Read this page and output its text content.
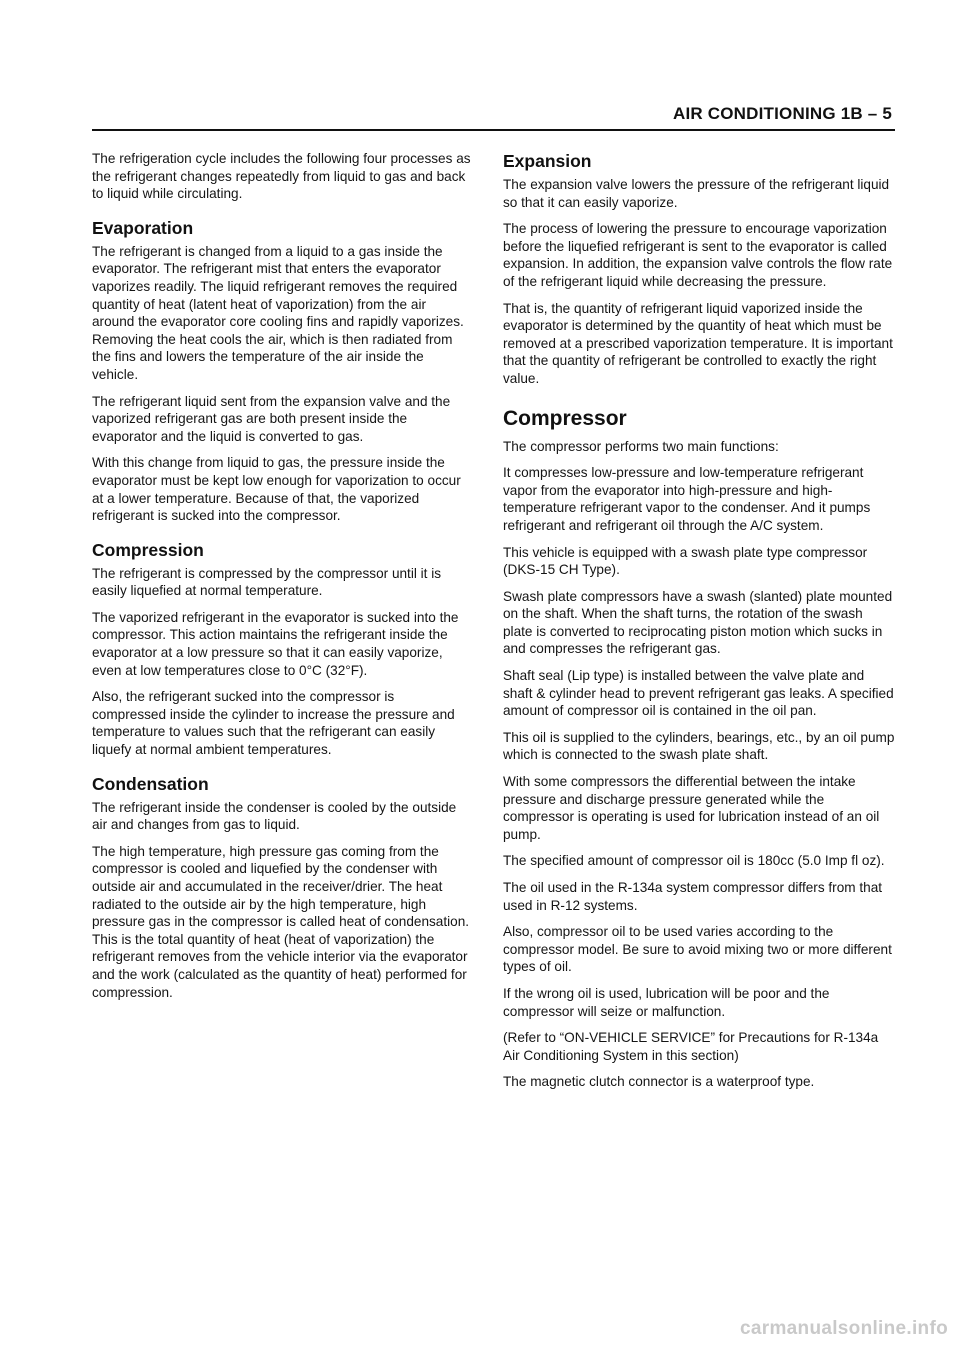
AIR CONDITIONING 1B – 5

The refrigeration cycle includes the following four processes as the refrigerant changes repeatedly from liquid to gas and back to liquid while circulating.

Evaporation

The refrigerant is changed from a liquid to a gas inside the evaporator. The refrigerant mist that enters the evaporator vaporizes readily. The liquid refrigerant removes the required quantity of heat (latent heat of vaporization) from the air around the evaporator core cooling fins and rapidly vaporizes. Removing the heat cools the air, which is then radiated from the fins and lowers the temperature of the air inside the vehicle.

The refrigerant liquid sent from the expansion valve and the vaporized refrigerant gas are both present inside the evaporator and the liquid is converted to gas.

With this change from liquid to gas, the pressure inside the evaporator must be kept low enough for vaporization to occur at a lower temperature. Because of that, the vaporized refrigerant is sucked into the compressor.

Compression

The refrigerant is compressed by the compressor until it is easily liquefied at normal temperature.

The vaporized refrigerant in the evaporator is sucked into the compressor. This action maintains the refrigerant inside the evaporator at a low pressure so that it can easily vaporize, even at low temperatures close to 0°C (32°F).

Also, the refrigerant sucked into the compressor is compressed inside the cylinder to increase the pressure and temperature to values such that the refrigerant can easily liquefy at normal ambient temperatures.

Condensation

The refrigerant inside the condenser is cooled by the outside air and changes from gas to liquid.

The high temperature, high pressure gas coming from the compressor is cooled and liquefied by the condenser with outside air and accumulated in the receiver/drier. The heat radiated to the outside air by the high temperature, high pressure gas in the compressor is called heat of condensation. This is the total quantity of heat (heat of vaporization) the refrigerant removes from the vehicle interior via the evaporator and the work (calculated as the quantity of heat) performed for compression.

Expansion

The expansion valve lowers the pressure of the refrigerant liquid so that it can easily vaporize.

The process of lowering the pressure to encourage vaporization before the liquefied refrigerant is sent to the evaporator is called expansion. In addition, the expansion valve controls the flow rate of the refrigerant liquid while decreasing the pressure.

That is, the quantity of refrigerant liquid vaporized inside the evaporator is determined by the quantity of heat which must be removed at a prescribed vaporization temperature. It is important that the quantity of refrigerant be controlled to exactly the right value.

Compressor

The compressor performs two main functions:

It compresses low-pressure and low-temperature refrigerant vapor from the evaporator into high-pressure and high-temperature refrigerant vapor to the condenser. And it pumps refrigerant and refrigerant oil through the A/C system.

This vehicle is equipped with a swash plate type compressor (DKS-15 CH Type).

Swash plate compressors have a swash (slanted) plate mounted on the shaft. When the shaft turns, the rotation of the swash plate is converted to reciprocating piston motion which sucks in and compresses the refrigerant gas.

Shaft seal (Lip type) is installed between the valve plate and shaft & cylinder head to prevent refrigerant gas leaks. A specified amount of compressor oil is contained in the oil pan.

This oil is supplied to the cylinders, bearings, etc., by an oil pump which is connected to the swash plate shaft.

With some compressors the differential between the intake pressure and discharge pressure generated while the compressor is operating is used for lubrication instead of an oil pump.

The specified amount of compressor oil is 180cc (5.0 Imp fl oz).

The oil used in the R-134a system compressor differs from that used in R-12 systems.

Also, compressor oil to be used varies according to the compressor model. Be sure to avoid mixing two or more different types of oil.

If the wrong oil is used, lubrication will be poor and the compressor will seize or malfunction.

(Refer to “ON-VEHICLE SERVICE” for Precautions for R-134a Air Conditioning System in this section)

The magnetic clutch connector is a waterproof type.

carmanualsonline.info
